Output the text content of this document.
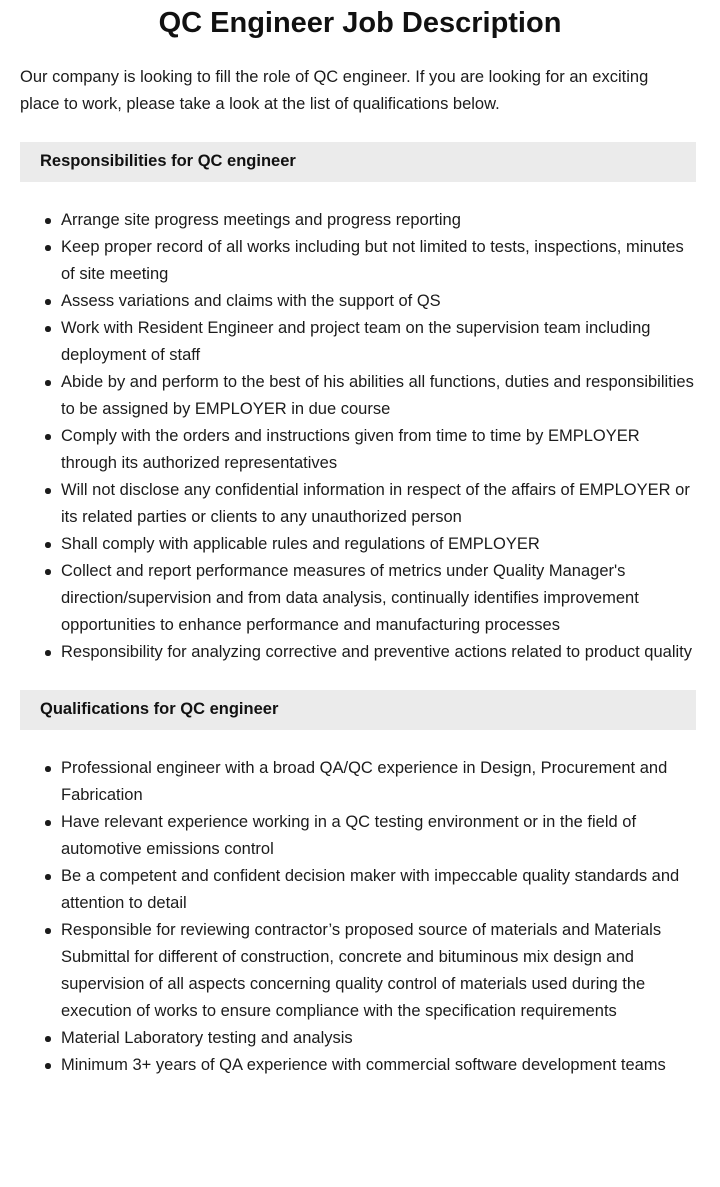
QC Engineer Job Description

Our company is looking to fill the role of QC engineer. If you are looking for an exciting place to work, please take a look at the list of qualifications below.

Responsibilities for QC engineer
Arrange site progress meetings and progress reporting
Keep proper record of all works including but not limited to tests, inspections, minutes of site meeting
Assess variations and claims with the support of QS
Work with Resident Engineer and project team on the supervision team including deployment of staff
Abide by and perform to the best of his abilities all functions, duties and responsibilities to be assigned by EMPLOYER in due course
Comply with the orders and instructions given from time to time by EMPLOYER through its authorized representatives
Will not disclose any confidential information in respect of the affairs of EMPLOYER or its related parties or clients to any unauthorized person
Shall comply with applicable rules and regulations of EMPLOYER
Collect and report performance measures of metrics under Quality Manager's direction/supervision and from data analysis, continually identifies improvement opportunities to enhance performance and manufacturing processes
Responsibility for analyzing corrective and preventive actions related to product quality
Qualifications for QC engineer
Professional engineer with a broad QA/QC experience in Design, Procurement and Fabrication
Have relevant experience working in a QC testing environment or in the field of automotive emissions control
Be a competent and confident decision maker with impeccable quality standards and attention to detail
Responsible for reviewing contractor’s proposed source of materials and Materials Submittal for different of construction, concrete and bituminous mix design and supervision of all aspects concerning quality control of materials used during the execution of works to ensure compliance with the specification requirements
Material Laboratory testing and analysis
Minimum 3+ years of QA experience with commercial software development teams
